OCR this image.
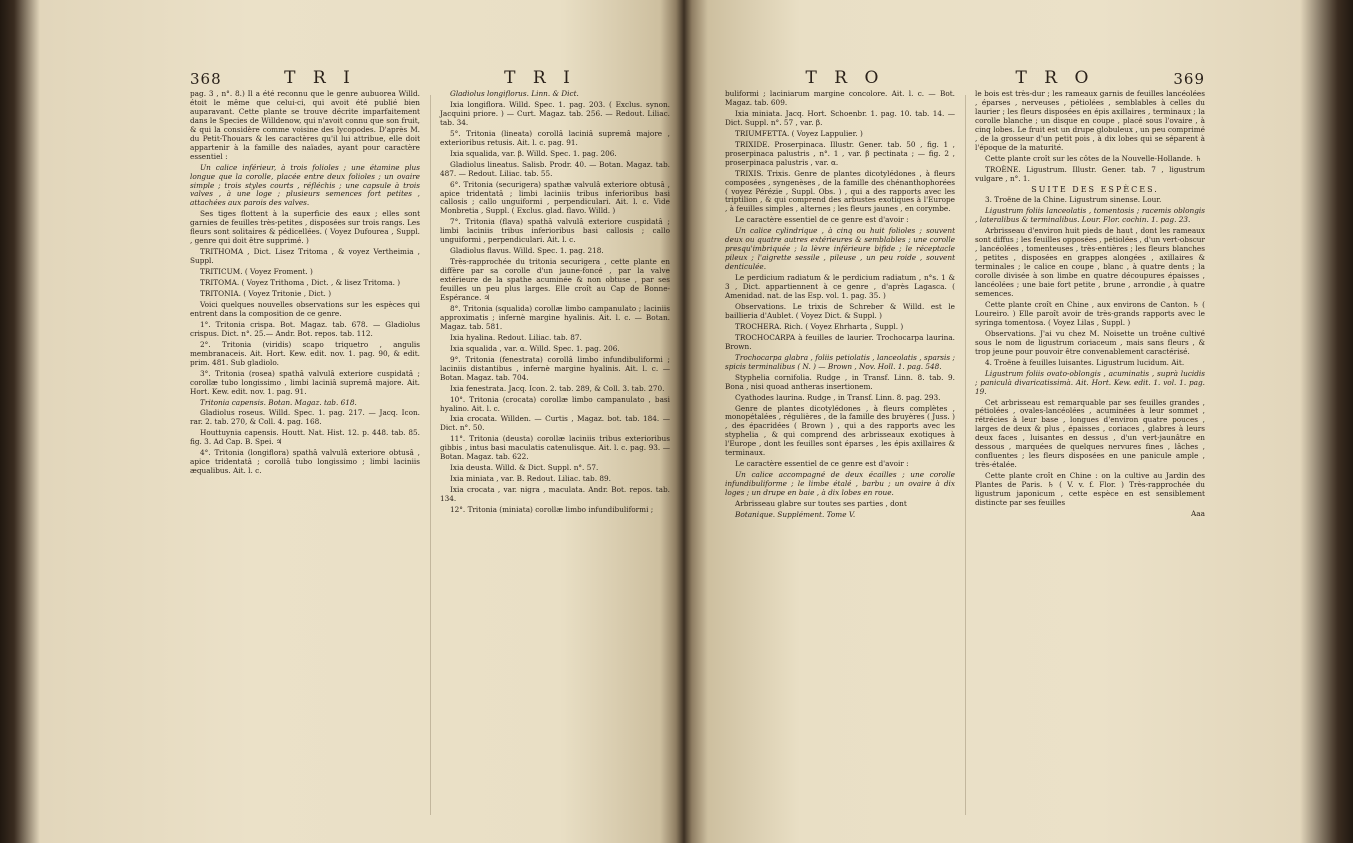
368	T R I	T R I

pag. 3 , n°. 8.) Il a été reconnu que le genre aubuorea Willd. étoit le même que celui-ci, qui avoit été publié bien auparavant. Cette plante se trouve décrite imparfaitement dans le Species de Willdenow, qui n'avoit connu que son fruit, & qui la considère comme voisine des lycopodes. D'après M. du Petit-Thouars & les caractères qu'il lui attribue, elle doit appartenir à la famille des naïades, ayant pour caractère essentiel :

Un calice inférieur, à trois folioles ; une étamine plus longue que la corolle, placée entre deux folioles ; un ovaire simple ; trois styles courts , réfléchis ; une capsule à trois valves , à une loge ; plusieurs semences fort petites , attachées aux parois des valves.

Ses tiges flottent à la superficie des eaux ; elles sont garnies de feuilles très-petites , disposées sur trois rangs. Les fleurs sont solitaires & pédicellées. ( Voyez Dufourea , Suppl. , genre qui doit être supprimé. )

TRITHOMA , Dict. Lisez Tritoma , & voyez Vertheimia , Suppl.

TRITICUM. ( Voyez Froment. )

TRITOMA. ( Voyez Trithoma , Dict. , & lisez Tritoma. )

TRITONIA. ( Voyez Tritonie , Dict. )

Voici quelques nouvelles observations sur les espèces qui entrent dans la composition de ce genre.

1°. Tritonia crispa. Bot. Magaz. tab. 678. — Gladiolus crispus. Dict. n°. 25.— Andr. Bot. repos. tab. 112.

2°. Tritonia (viridis) scapo triquetro , angulis membranaceis. Ait. Hort. Kew. edit. nov. 1. pag. 90, & edit. prim. 481. Sub gladiolo.

3°. Tritonia (rosea) spathâ valvulâ exteriore cuspidatâ ; corollæ tubo longissimo , limbi laciniâ supremâ majore. Ait. Hort. Kew. edit. nov. 1. pag. 91.

Tritonia capensis. Botan. Magaz. tab. 618.

Gladiolus roseus. Willd. Spec. 1. pag. 217. — Jacq. Icon. rar. 2. tab. 270, & Coll. 4. pag. 168.

Houttuynia capensis. Houtt. Nat. Hist. 12. p. 448. tab. 85. fig. 3. Ad Cap. B. Spei. ♃

4°. Tritonia (longiflora) spathâ valvulâ exteriore obtusâ , apice tridentatâ ; corollâ tubo longissimo ; limbi laciniis æqualibus. Ait. l. c.

Gladiolus longiflorus. Linn. & Dict.

Ixia longiflora. Willd. Spec. 1. pag. 203. ( Exclus. synon. Jacquini priore. ) — Curt. Magaz. tab. 256. — Redout. Liliac. tab. 34.

5°. Tritonia (lineata) corollâ laciniâ supremâ majore , exterioribus retusis. Ait. l. c. pag. 91.

Ixia squalida, var. β. Willd. Spec. 1. pag. 206.

Gladiolus lineatus. Salisb. Prodr. 40. — Botan. Magaz. tab. 487. — Redout. Liliac. tab. 55.

6°. Tritonia (securigera) spathæ valvulâ exteriore obtusâ , apice tridentatâ ; limbi laciniis tribus inferioribus basi callosis ; callo unguiformi , perpendiculari. Ait. l. c. Vide Monbretia , Suppl. ( Exclus. glad. flavo. Willd. )

7°. Tritonia (flava) spathâ valvulâ exteriore cuspidatâ ; limbi laciniis tribus inferioribus basi callosis ; callo unguiformi , perpendiculari. Ait. l. c.

Gladiolus flavus. Willd. Spec. 1. pag. 218.

Très-rapprochée du tritonia securigera , cette plante en diffère par sa corolle d'un jaune-foncé , par la valve extérieure de la spathe acuminée & non obtuse , par ses feuilles un peu plus larges. Elle croît au Cap de Bonne-Espérance. ♃

8°. Tritonia (squalida) corollæ limbo campanulato ; laciniis approximatis ; infernè margine hyalinis. Ait. l. c. — Botan. Magaz. tab. 581.

Ixia hyalina. Redout. Liliac. tab. 87.

Ixia squalida , var. α. Willd. Spec. 1. pag. 206.

9°. Tritonia (fenestrata) corollâ limbo infundibuliformi ; laciniis distantibus , infernè margine hyalinis. Ait. l. c. — Botan. Magaz. tab. 704.

Ixia fenestrata. Jacq. Icon. 2. tab. 289, & Coll. 3. tab. 270.

10°. Tritonia (crocata) corollæ limbo campanulato , basi hyalino. Ait. l. c.

Ixia crocata. Willden. — Curtis , Magaz. bot. tab. 184. — Dict. n°. 50.

11°. Tritonia (deusta) corollæ laciniis tribus exterioribus gibbis , intus basi maculatis catenulisque. Ait. l. c. pag. 93. — Botan. Magaz. tab. 622.

Ixia deusta. Willd. & Dict. Suppl. n°. 57.

Ixia miniata , var. B. Redout. Liliac. tab. 89.

Ixia crocata , var. nigra , maculata. Andr. Bot. repos. tab. 134.

12°. Tritonia (miniata) corollæ limbo infundibuliformi ;

T R O	T R O	369

buliformi ; laciniarum margine concolore. Ait. l. c. — Bot. Magaz. tab. 609.

Ixia miniata. Jacq. Hort. Schoenbr. 1. pag. 10. tab. 14. — Dict. Suppl. n°. 57 , var. β.

TRIUMFETTA. ( Voyez Lappulier. )

TRIXIDE. Proserpinaca. Illustr. Gener. tab. 50 , fig. 1 , proserpinaca palustris , n°. 1 , var. β pectinata ; — fig. 2 , proserpinaca palustris , var. α.

TRIXIS. Trixis. Genre de plantes dicotylédones , à fleurs composées , syngenèses , de la famille des chénanthophorées ( voyez Pérézie , Suppl. Obs. ) , qui a des rapports avec les triptilion , & qui comprend des arbustes exotiques à l'Europe , à feuilles simples , alternes ; les fleurs jaunes , en corymbe.

Le caractère essentiel de ce genre est d'avoir :

Un calice cylindrique , à cinq ou huit folioles ; souvent deux ou quatre autres extérieures & semblables ; une corolle presqu'imbriquée ; la lèvre inférieure bifide ; le réceptacle pileux ; l'aigrette sessile , pileuse , un peu roide , souvent denticulée.

Le perdicium radiatum & le perdicium radiatum , n°s. 1 & 3 , Dict. appartiennent à ce genre , d'après Lagasca. ( Amenidad. nat. de las Esp. vol. 1. pag. 35. )

Observations. Le trixis de Schreber & Willd. est le baillieria d'Aublet. ( Voyez Dict. & Suppl. )

TROCHERA. Rich. ( Voyez Ehrharta , Suppl. )

TROCHOCARPA à feuilles de laurier. Trochocarpa laurina. Brown.

Trochocarpa glabra , foliis petiolatis , lanceolatis , sparsis ; spicis terminalibus ( N. ) — Brown , Nov. Holl. 1. pag. 548.

Styphelia cornifolia. Rudge , in Transf. Linn. 8. tab. 9. Bona , nisi quoad antheras insertionem.

Cyathodes laurina. Rudge , in Transf. Linn. 8. pag. 293.

Genre de plantes dicotylédones , à fleurs complètes , monopétalées , régulières , de la famille des bruyères ( Juss. ) , des épacridées ( Brown ) , qui a des rapports avec les styphelia , & qui comprend des arbrisseaux exotiques à l'Europe , dont les feuilles sont éparses , les épis axillaires & terminaux.

Le caractère essentiel de ce genre est d'avoir :

Un calice accompagné de deux écailles ; une corolle infundibuliforme ; le limbe étalé , barbu ; un ovaire à dix loges ; un drupe en baie , à dix lobes en roue.

Arbrisseau glabre sur toutes ses parties , dont

Botanique. Supplément. Tome V.

le bois est très-dur ; les rameaux garnis de feuilles lancéolées , éparses , nerveuses , pétiolées , semblables à celles du laurier ; les fleurs disposées en épis axillaires , terminaux ; la corolle blanche ; un disque en coupe , placé sous l'ovaire , à cinq lobes. Le fruit est un drupe globuleux , un peu comprimé , de la grosseur d'un petit pois , à dix lobes qui se séparent à l'époque de la maturité.

Cette plante croît sur les côtes de la Nouvelle-Hollande. ♄

TROÈNE. Ligustrum. Illustr. Gener. tab. 7 , ligustrum vulgare , n°. 1.

SUITE DES ESPÈCES.

3. Troëne de la Chine. Ligustrum sinense. Lour.

Ligustrum foliis lanceolatis , tomentosis ; racemis oblongis , lateralibus & terminalibus. Lour. Flor. cochin. 1. pag. 23.

Arbrisseau d'environ huit pieds de haut , dont les rameaux sont diffus ; les feuilles opposées , pétiolées , d'un vert-obscur , lancéolées , tomenteuses , très-entières ; les fleurs blanches , petites , disposées en grappes alongées , axillaires & terminales ; le calice en coupe , blanc , à quatre dents ; la corolle divisée à son limbe en quatre découpures épaisses , lancéolées ; une baie fort petite , brune , arrondie , à quatre semences.

Cette plante croît en Chine , aux environs de Canton. ♄ ( Loureiro. ) Elle paroît avoir de très-grands rapports avec le syringa tomentosa. ( Voyez Lilas , Suppl. )

Observations. J'ai vu chez M. Noisette un troëne cultivé sous le nom de ligustrum coriaceum , mais sans fleurs , & trop jeune pour pouvoir être convenablement caractérisé.

4. Troëne à feuilles luisantes. Ligustrum lucidum. Ait.

Ligustrum foliis ovato-oblongis , acuminatis , suprà lucidis ; paniculà divaricatissimà. Ait. Hort. Kew. edit. 1. vol. 1. pag. 19.

Cet arbrisseau est remarquable par ses feuilles grandes , pétiolées , ovales-lancéolées , acuminées à leur sommet , rétrécies à leur base , longues d'environ quatre pouces , larges de deux & plus , épaisses , coriaces , glabres à leurs deux faces , luisantes en dessus , d'un vert-jaunâtre en dessous , marquées de quelques nervures fines , lâches , confluentes ; les fleurs disposées en une panicule ample , très-étalée.

Cette plante croît en Chine : on la cultive au Jardin des Plantes de Paris. ♄ ( V. v. f. Flor. ) Très-rapprochée du ligustrum japonicum , cette espèce en est sensiblement distincte par ses feuilles

Aaa
